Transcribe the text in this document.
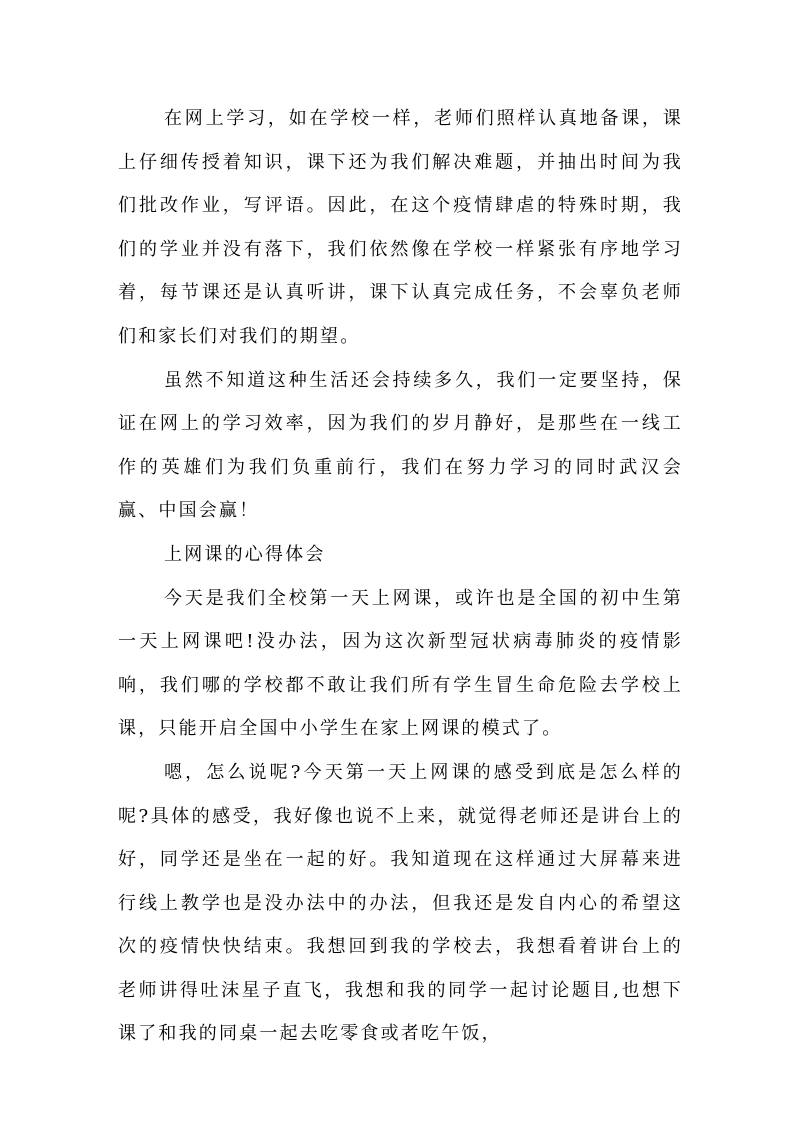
在网上学习，如在学校一样，老师们照样认真地备课，课上仔细传授着知识，课下还为我们解决难题，并抽出时间为我们批改作业，写评语。因此，在这个疫情肆虐的特殊时期，我们的学业并没有落下，我们依然像在学校一样紧张有序地学习着，每节课还是认真听讲，课下认真完成任务，不会辜负老师们和家长们对我们的期望。

虽然不知道这种生活还会持续多久，我们一定要坚持，保证在网上的学习效率，因为我们的岁月静好，是那些在一线工作的英雄们为我们负重前行，我们在努力学习的同时武汉会赢、中国会赢！

上网课的心得体会

今天是我们全校第一天上网课，或许也是全国的初中生第一天上网课吧!没办法，因为这次新型冠状病毒肺炎的疫情影响，我们哪的学校都不敢让我们所有学生冒生命危险去学校上课，只能开启全国中小学生在家上网课的模式了。

嗯，怎么说呢?今天第一天上网课的感受到底是怎么样的呢?具体的感受，我好像也说不上来，就觉得老师还是讲台上的好，同学还是坐在一起的好。我知道现在这样通过大屏幕来进行线上教学也是没办法中的办法，但我还是发自内心的希望这次的疫情快快结束。我想回到我的学校去，我想看着讲台上的老师讲得吐沫星子直飞，我想和我的同学一起讨论题目,也想下课了和我的同桌一起去吃零食或者吃午饭，
